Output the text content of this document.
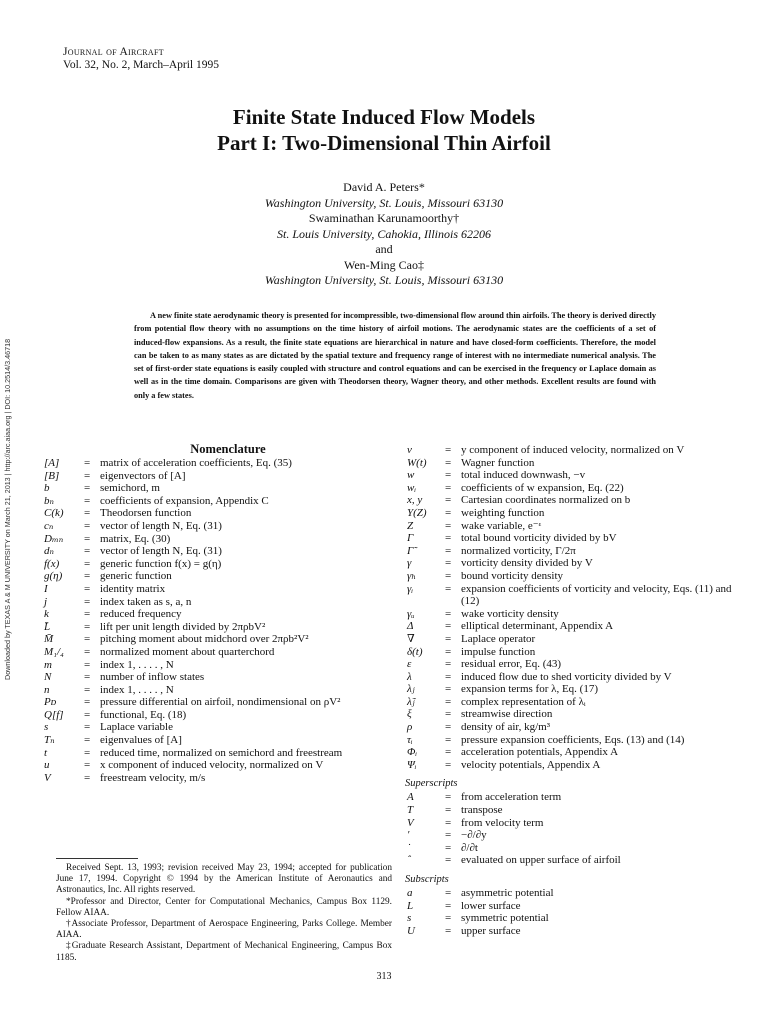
Journal of Aircraft
Vol. 32, No. 2, March–April 1995
Finite State Induced Flow Models
Part I: Two-Dimensional Thin Airfoil
David A. Peters*
Washington University, St. Louis, Missouri 63130
Swaminathan Karunamoorthy†
St. Louis University, Cahokia, Illinois 62206
and
Wen-Ming Cao‡
Washington University, St. Louis, Missouri 63130
A new finite state aerodynamic theory is presented for incompressible, two-dimensional flow around thin airfoils. The theory is derived directly from potential flow theory with no assumptions on the time history of airfoil motions. The aerodynamic states are the coefficients of a set of induced-flow expansions. As a result, the finite state equations are hierarchical in nature and have closed-form coefficients. Therefore, the model can be taken to as many states as are dictated by the spatial texture and frequency range of interest with no intermediate numerical analysis. The set of first-order state equations is easily coupled with structure and control equations and can be exercised in the frequency or Laplace domain as well as in the time domain. Comparisons are given with Theodorsen theory, Wagner theory, and other methods. Excellent results are found with only a few states.
Downloaded by TEXAS A & M UNIVERSITY on March 21, 2013 | http://arc.aiaa.org | DOI: 10.2514/3.46718	Nomenclature
[A]	= matrix of acceleration coefficients, Eq. (35)
[B]	= eigenvectors of [A]
b	= semichord, m
bₙ	= coefficients of expansion, Appendix C
C(k)	= Theodorsen function
cₙ	= vector of length N, Eq. (31)
Dₘₙ	= matrix, Eq. (30)
dₙ	= vector of length N, Eq. (31)
f(x)	= generic function f(x) = g(η)
g(η)	= generic function
I	= identity matrix
j	= index taken as s, a, n
k	= reduced frequency
L̄	= lift per unit length divided by 2πρbV²
M̄	= pitching moment about midchord over 2πρb²V²
M₁/₄	= normalized moment about quarterchord
m	= index 1, . . . . , N
N	= number of inflow states
n	= index 1, . . . . , N
Pᴅ	= pressure differential on airfoil, nondimensional on ρV²
Q[f]	= functional, Eq. (18)
s	= Laplace variable
Tₙ	= eigenvalues of [A]
t	= reduced time, normalized on semichord and freestream
u	= x component of induced velocity, normalized on V
V	= freestream velocity, m/s
v	= y component of induced velocity, normalized on V
W(t)	= Wagner function
w	= total induced downwash, −v
wᵢ	= coefficients of w expansion, Eq. (22)
x, y	= Cartesian coordinates normalized on b
Y(Z)	= weighting function
Z	= wake variable, e⁻ᵋ
Γ	= total bound vorticity divided by bV
Γ̃	= normalized vorticity, Γ/2π
γ	= vorticity density divided by V
γₕ	= bound vorticity density
γᵢ	= expansion coefficients of vorticity and velocity, Eqs. (11) and (12)
γᵤ	= wake vorticity density
Δ	= elliptical determinant, Appendix A
∇	= Laplace operator
δ(t)	= impulse function
ε	= residual error, Eq. (43)
λ	= induced flow due to shed vorticity divided by V
λⱼ	= expansion terms for λ, Eq. (17)
λ̃ⱼ	= complex representation of λᵢ
ξ	= streamwise direction
ρ	= density of air, kg/m³
τᵢ	= pressure expansion coefficients, Eqs. (13) and (14)
Φᵢ	= acceleration potentials, Appendix A
Ψᵢ	= velocity potentials, Appendix A
Superscripts
A	= from acceleration term
T	= transpose
V	= from velocity term
′	= −∂/∂y
˙	= ∂/∂t
ˆ	= evaluated on upper surface of airfoil
Subscripts
a	= asymmetric potential
L	= lower surface
s	= symmetric potential
U	= upper surface

Received Sept. 13, 1993; revision received May 23, 1994; accepted for publication June 17, 1994. Copyright © 1994 by the American Institute of Aeronautics and Astronautics, Inc. All rights reserved.

*Professor and Director, Center for Computational Mechanics, Campus Box 1129. Fellow AIAA.

†Associate Professor, Department of Aerospace Engineering, Parks College. Member AIAA.

‡Graduate Research Assistant, Department of Mechanical Engineering, Campus Box 1185.

313
